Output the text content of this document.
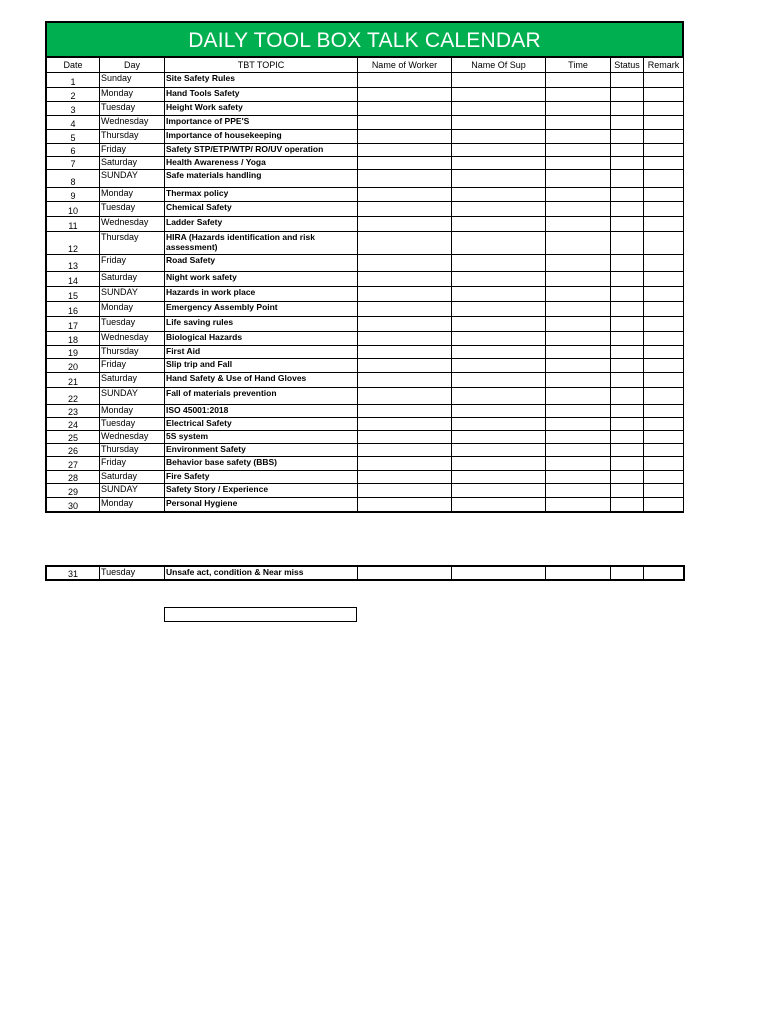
DAILY TOOL BOX TALK CALENDAR
Date	Day	TBT TOPIC	Name of Worker	Name Of Sup	Time	Status	Remark
1	Sunday	Site Safety Rules					
2	Monday	Hand Tools Safety					
3	Tuesday	Height Work safety					
4	Wednesday	Importance of PPE'S					
5	Thursday	Importance of housekeeping					
6	Friday	Safety STP/ETP/WTP/ RO/UV operation					
7	Saturday	Health Awareness / Yoga					
8	SUNDAY	Safe materials handling					
9	Monday	Thermax policy					
10	Tuesday	Chemical Safety					
11	Wednesday	Ladder Safety					
12	Thursday	HIRA (Hazards identification and risk assessment)					
13	Friday	Road Safety					
14	Saturday	Night work safety					
15	SUNDAY	Hazards in work place					
16	Monday	Emergency Assembly Point					
17	Tuesday	Life saving rules					
18	Wednesday	Biological Hazards					
19	Thursday	First Aid					
20	Friday	Slip trip and Fall					
21	Saturday	Hand Safety & Use of Hand Gloves					
22	SUNDAY	Fall of materials prevention					
23	Monday	ISO 45001:2018					
24	Tuesday	Electrical Safety					
25	Wednesday	5S system					
26	Thursday	Environment Safety					
27	Friday	Behavior base safety (BBS)					
28	Saturday	Fire Safety					
29	SUNDAY	Safety Story / Experience					
30	Monday	Personal Hygiene					
31	Tuesday	Unsafe act, condition & Near miss					
